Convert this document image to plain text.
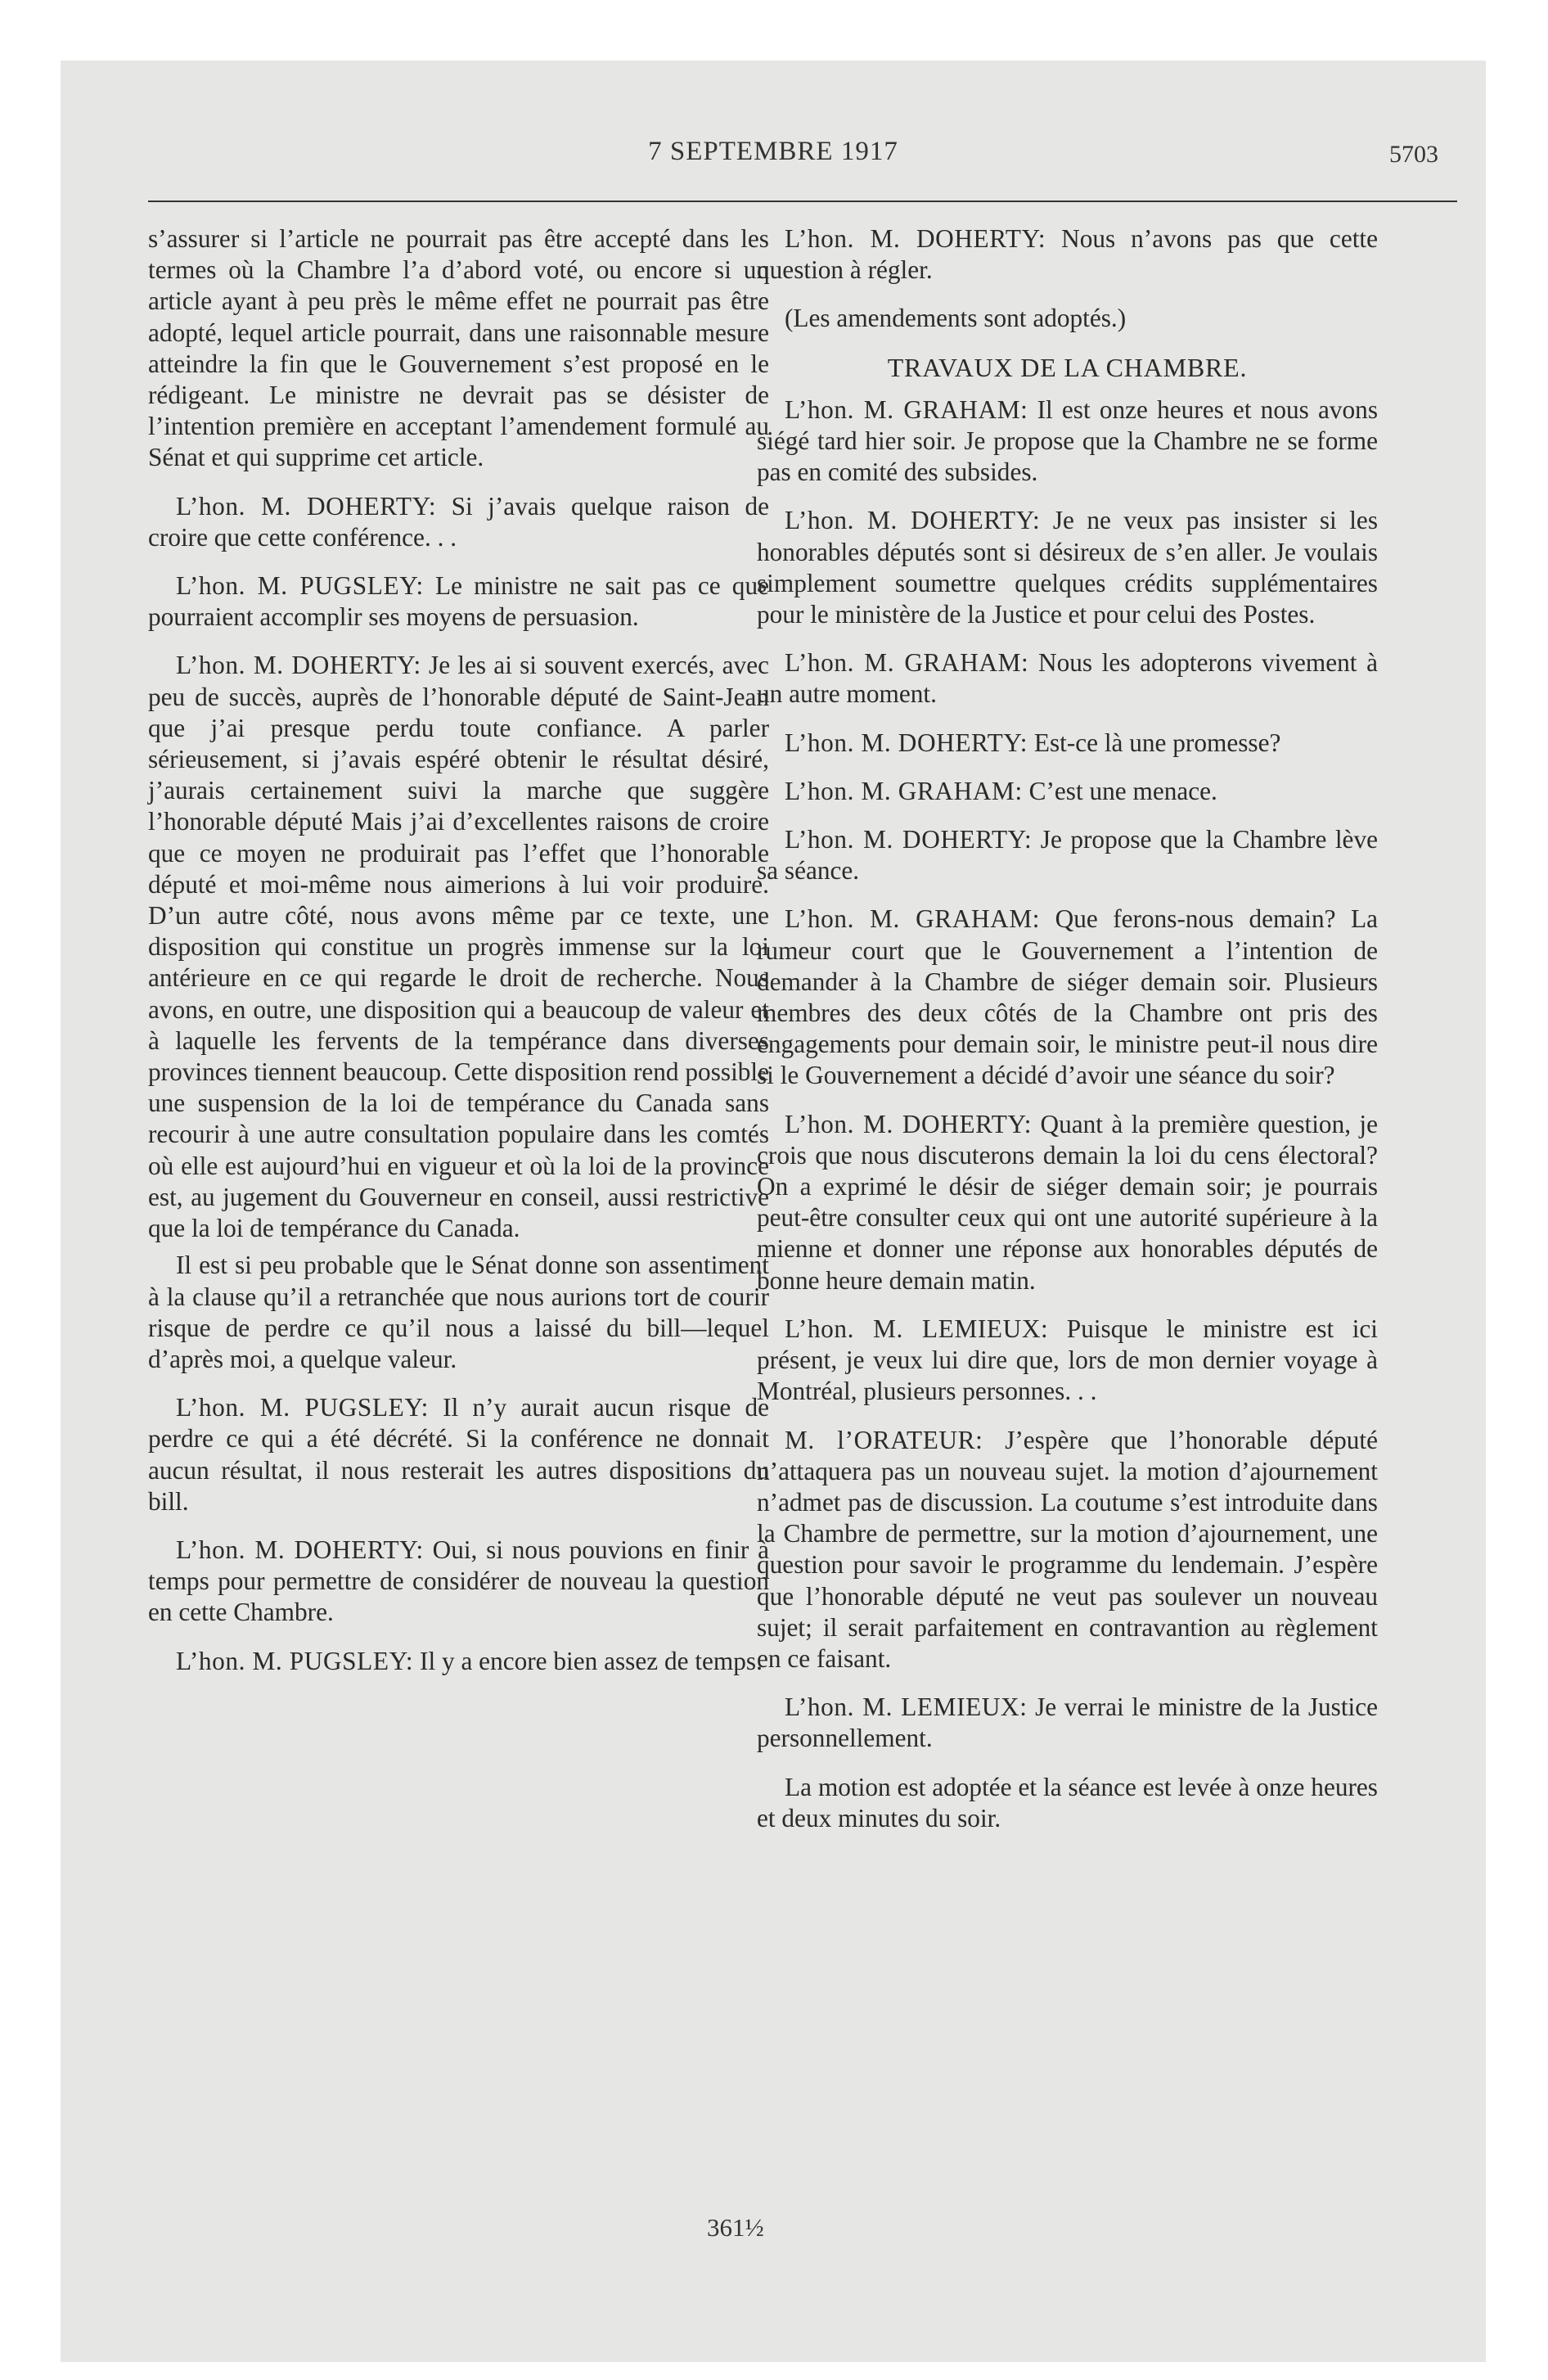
7 SEPTEMBRE 1917	5703

s’assurer si l’article ne pourrait pas être accepté dans les termes où la Chambre l’a d’abord voté, ou encore si un article ayant à peu près le même effet ne pourrait pas être adopté, lequel article pourrait, dans une raisonnable mesure atteindre la fin que le Gouvernement s’est proposé en le rédigeant. Le ministre ne devrait pas se désister de l’intention première en acceptant l’amendement formulé au Sénat et qui supprime cet article.

L’hon. M. DOHERTY: Si j’avais quelque raison de croire que cette conférence. . .

L’hon. M. PUGSLEY: Le ministre ne sait pas ce que pourraient accomplir ses moyens de persuasion.

L’hon. M. DOHERTY: Je les ai si souvent exercés, avec peu de succès, auprès de l’honorable député de Saint-Jean que j’ai presque perdu toute confiance. A parler sérieusement, si j’avais espéré obtenir le résultat désiré, j’aurais certainement suivi la marche que suggère l’honorable député Mais j’ai d’excellentes raisons de croire que ce moyen ne produirait pas l’effet que l’honorable député et moi-même nous aimerions à lui voir produire. D’un autre côté, nous avons même par ce texte, une disposition qui constitue un progrès immense sur la loi antérieure en ce qui regarde le droit de recherche. Nous avons, en outre, une disposition qui a beaucoup de valeur et à laquelle les fervents de la tempérance dans diverses provinces tiennent beaucoup. Cette disposition rend possible une suspension de la loi de tempérance du Canada sans recourir à une autre consultation populaire dans les comtés où elle est aujourd’hui en vigueur et où la loi de la province est, au jugement du Gouverneur en conseil, aussi restrictive que la loi de tempérance du Canada.

Il est si peu probable que le Sénat donne son assentiment à la clause qu’il a retranchée que nous aurions tort de courir risque de perdre ce qu’il nous a laissé du bill—lequel d’après moi, a quelque valeur.

L’hon. M. PUGSLEY: Il n’y aurait aucun risque de perdre ce qui a été décrété. Si la conférence ne donnait aucun résultat, il nous resterait les autres dispositions du bill.

L’hon. M. DOHERTY: Oui, si nous pouvions en finir à temps pour permettre de considérer de nouveau la question en cette Chambre.

L’hon. M. PUGSLEY: Il y a encore bien assez de temps.

L’hon. M. DOHERTY: Nous n’avons pas que cette question à régler.

(Les amendements sont adoptés.)

TRAVAUX DE LA CHAMBRE.

L’hon. M. GRAHAM: Il est onze heures et nous avons siégé tard hier soir. Je propose que la Chambre ne se forme pas en comité des subsides.

L’hon. M. DOHERTY: Je ne veux pas insister si les honorables députés sont si désireux de s’en aller. Je voulais simplement soumettre quelques crédits supplémentaires pour le ministère de la Justice et pour celui des Postes.

L’hon. M. GRAHAM: Nous les adopterons vivement à un autre moment.

L’hon. M. DOHERTY: Est-ce là une promesse?

L’hon. M. GRAHAM: C’est une menace.

L’hon. M. DOHERTY: Je propose que la Chambre lève sa séance.

L’hon. M. GRAHAM: Que ferons-nous demain? La rumeur court que le Gouvernement a l’intention de demander à la Chambre de siéger demain soir. Plusieurs membres des deux côtés de la Chambre ont pris des engagements pour demain soir, le ministre peut-il nous dire si le Gouvernement a décidé d’avoir une séance du soir?

L’hon. M. DOHERTY: Quant à la première question, je crois que nous discuterons demain la loi du cens électoral? On a exprimé le désir de siéger demain soir; je pourrais peut-être consulter ceux qui ont une autorité supérieure à la mienne et donner une réponse aux honorables députés de bonne heure demain matin.

L’hon. M. LEMIEUX: Puisque le ministre est ici présent, je veux lui dire que, lors de mon dernier voyage à Montréal, plusieurs personnes. . .

M. l’ORATEUR: J’espère que l’honorable député n’attaquera pas un nouveau sujet. la motion d’ajournement n’admet pas de discussion. La coutume s’est introduite dans la Chambre de permettre, sur la motion d’ajournement, une question pour savoir le programme du lendemain. J’espère que l’honorable député ne veut pas soulever un nouveau sujet; il serait parfaitement en contravantion au règlement en ce faisant.

L’hon. M. LEMIEUX: Je verrai le ministre de la Justice personnellement.

La motion est adoptée et la séance est levée à onze heures et deux minutes du soir.

361½
